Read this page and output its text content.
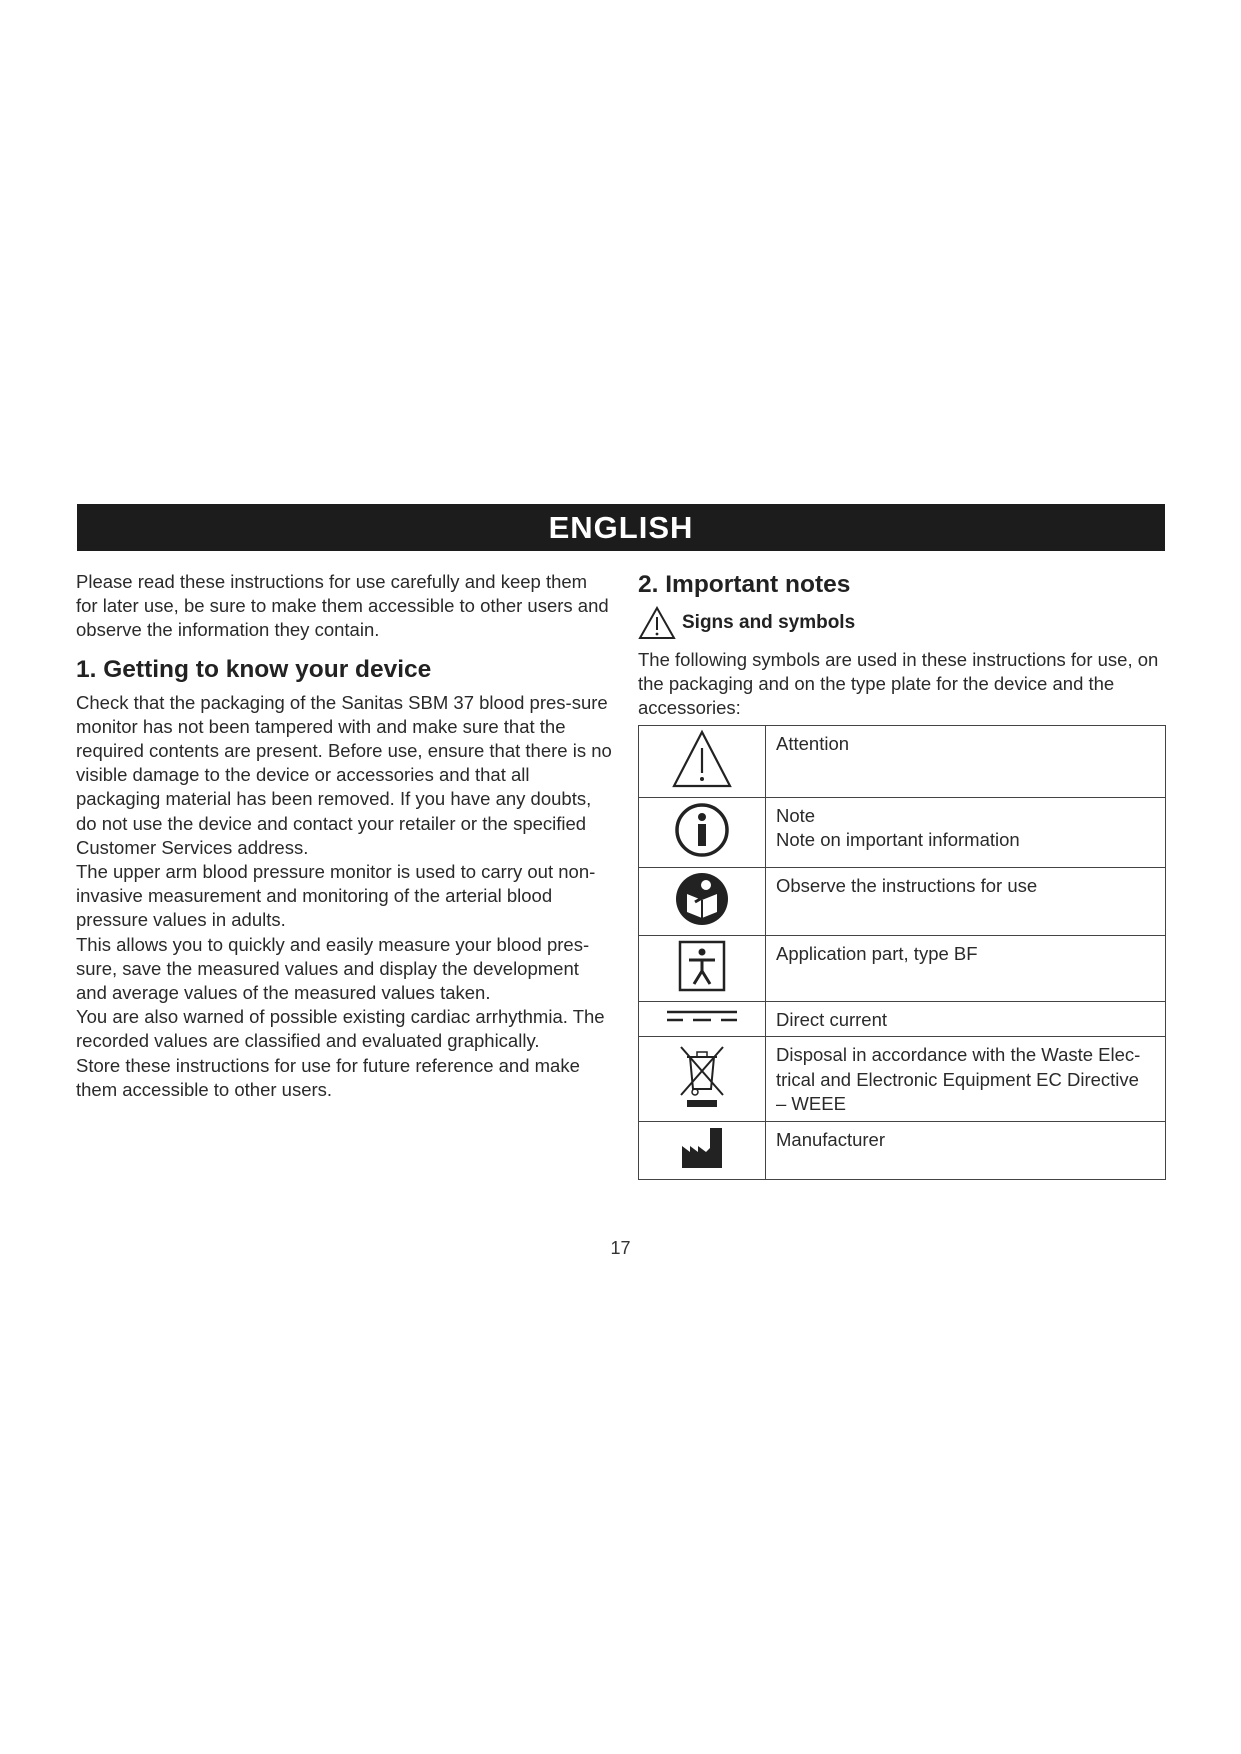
ENGLISH

Please read these instructions for use carefully and keep them for later use, be sure to make them accessible to other users and observe the information they contain.

1. Getting to know your device

Check that the packaging of the Sanitas SBM 37 blood pres-sure monitor has not been tampered with and make sure that the required contents are present. Before use, ensure that there is no visible damage to the device or accessories and that all packaging material has been removed. If you have any doubts, do not use the device and contact your retailer or the specified Customer Services address.

The upper arm blood pressure monitor is used to carry out non-invasive measurement and monitoring of the arterial blood pressure values in adults.

This allows you to quickly and easily measure your blood pres-sure, save the measured values and display the development and average values of the measured values taken.

You are also warned of possible existing cardiac arrhythmia. The recorded values are classified and evaluated graphically.

Store these instructions for use for future reference and make them accessible to other users.

2. Important notes
Signs and symbols

The following symbols are used in these instructions for use, on the packaging and on the type plate for the device and the accessories:

Attention

Note
Note on important information

Observe the instructions for use

Application part, type BF

Direct current

Disposal in accordance with the Waste Elec-
trical and Electronic Equipment EC Directive
– WEEE

Manufacturer
17
